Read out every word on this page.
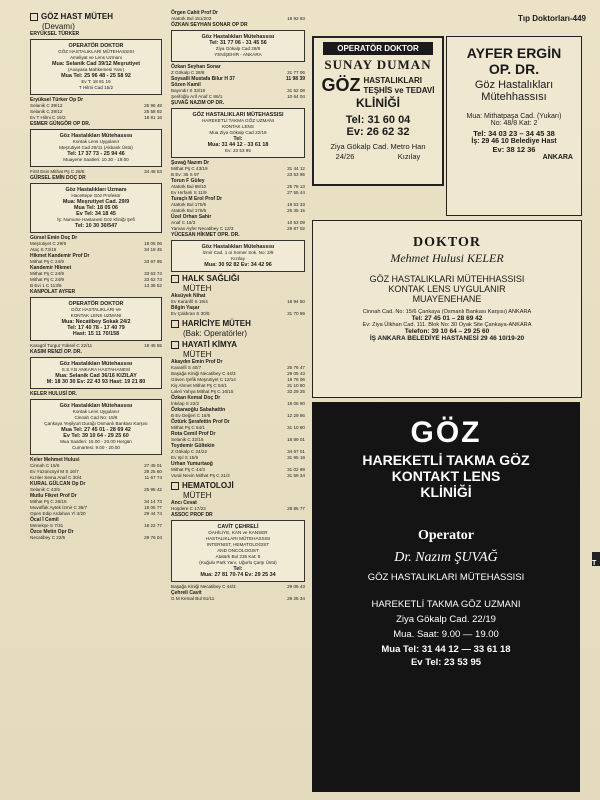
Tıp Doktorları-449
GÖZ HAST MÜTEH
(Devamı)
ERYÜKSEL TÜRKER
OPERATÖR DOKTOR
GÖZ HASTALIKLARI MÜTEHASSISI
Ameliyat ve Lens Uzmanı
Mua: Selanik Cad 39/12 Meşrutiyet
(Anayasa Mahkemesi Yanı)
Mua Tel: 25 96 48 - 25 58 92
Ev T: 18 81 16
T Hilmi Cad 15/2
Eryüksel Türker Op Dr
Selanik C 39/12	25 96 48
Selanik C 39/12	25 58 92
Ev T Hilmi C 15/2	18 81 16
ESMER GÜNGÖR OP DR.
Göz Hastalıkları Mütehassısı
Kontak Lens Uygulanır
Meşrutiyet Cad 29/11 (Akbank Üstü)
Tel: 17 37 73 - 25 94 46
Muayene Saatleri: 10.30 - 19.00
First Esin Mithat Pş C 28/5	34 48 53
GÜRSEL EMİN DOÇ DR
Göz Hastalıkları Uzmanı
Hacettepe Göz Profesör
Mua: Meşrutiyet Cad. 29/9
Mua Tel: 18 05 06
Ev Tel: 34 18 45
İş: Numune Hastanesi Göz Kliniği Şefi
Tel: 10 30 30/547
Gürsel Emin Doç Dr
Meşrutiyet C 29/9	18 05 06
Ataç S 73/15	34 18 45
Hikmet Kandemir Prof Dr
Mithat Pş C 24/9	33 87 95
Kandemir Hikmet
Mithat Pş C 24/9	33 63 74
Mithat Pş C 24/9	33 62 73
B Evi 1 C 113/6	13 36 52
KANPOLAT AYFER
OPERATÖR DOKTOR
GÖZ HASTALIKLARI Ve
KONTAK LENS UZMANI
Mua: Necatibey Sokak 24/2
Tel: 17 40 78 - 17 40 79
Hast: 15 11 70/158
Karagöl Turgut Yüksel C 22/11	18 45 55
KASIM RENZİ OP. DR.
Göz Hastalıkları Mütehassısı
S.S.Y.B ANKARA HASTAHANESİ
Mua: Selanik Cad 36/16 KIZILAY
M: 18 30 30 Ev: 22 43 93 Hast: 19 21 80
KELER HULUSİ DR.
Göz Hastalıkları Mütehassısı
Kontak Lens Uygulanır
Cinnah Cad No: 15/6
Çankaya Yeşilyurt Durağı Osmanlı Bankası Karşısı
Mua Tel: 27 45 01 - 28 69 42
Ev Tel: 39 10 64 - 29 25 60
Mua Saatleri: 15.00 - 20.00 Hergün
Cumartesi: 9.00 - 20.00
Keler Mehmet Hulusi
Cinnah C 15/6	27 45 01
Ev Yüzüncüyıl M S 16/7	29 25 60
Kızıler Sema Anaf C 30/4	11 67 74
KURAL GÜLCAN Op Dr
Selanik C 43/5	25 95 42
Mutlu Fikret Prof Dr
Mithat Pş C 26/16	34 14 73
Muvaffak Aytek İzmir C 36/7	18 05 77
Open Edip Ardahan Yl 4/20	29 44 74
Öcal İ Cemil
Menekşe S 7/31	18 22 77
Özce Metin Opr Dr
Necatibey C 22/5	29 76 04
Örgen Cahit Prof Dr
Atatürk Bul 151/203	18 92 93
ÖZKAN SEYHAN SONAR OP DR
Göz Hastalıkları Mütehassısı
Tel: 31 77 06 - 31 45 56
Ziya Gökalp Cad 28/8
YENİŞEHİR - ANKARA
Özkan Seyhan Sonar
Z Gökalp C 28/8	31 77 06
Soysalli Mustafa Bilur H 37	11 98 39
Sözen Kamil
Bayındır S 33/16	31 52 08
Şerifoğlu Arif Anaf C 86/1	10 64 04
ŞUVAĞ NAZIM OP DR.
GÖZ HASTALIKLARI MÜTEHASSISI
HAREKETLİ TAKMA GÖZ UZMANI
KONTAK LENS
Mua Ziya Gökalp Cad 22/19
Tel:
Mua: 31 44 12 - 33 61 18
Ev: 23 53 95
Şuvağ Nazım Dr
Mithat Pş C 43/19	31 44 12
B Ev: 35 S 97	23 53 95
Torun F Güley
Atatürk Bul 88/10	25 78 13
Ev Hırfanlı S 11/9	27 55 44
Turaçlı M Erol Prof Dr
Atatürk Bul 175/5	18 53 33
Atatürk Bul 175/5	25 35 15
Üzel Orhan Sahir
Anaf C 16/3	10 53 09
Yaman Ayfer Necatibey C 12/3	29 87 02
YÜCESAN HİKMET OPR. DR.
Göz Hastalıkları Mütehassısı
İzmir Cad. 1 oi Somer Sok. No: 2/9
Kızılay
Mua: 30 92 82 Ev: 34 42 96
HALK SAĞLIĞI
MÜTEH
Aksüyek Nihat
Ev Karanfil S 19/4	18 94 50
Bilgin Yaşar
Ev Çaldıran S 30/5	31 70 89
HARİCİYE MÜTEH
(Bak: Operatörler)
HAYATİ KİMYA
MÜTEH
Akaydın Emin Prof Dr
Karanfil S 40/7	25 76 47
Başağa Kiniği Necatibey C 44/3	29 05 43
Güven Şefik Meşrutiyet C 12/14	18 76 06
Kiş Ahmet Mithat Pş C 54/1	31 10 80
Laleli Yahya Mithat Pş C 16/15	33 29 25
Özkan Kemal Doç Dr
İnkılap S 22/2	18 06 90
Özkaraoğlu Sabahattin
B Ev Değeri C 18/5	12 29 86
Öztürk Şerafettin Prof Dr
Mithat Pş C 54/1	31 10 80
Rota Cemil Prof Dr
Selanik C 32/15	18 89 01
Toydemir Gültekin
Z Gökalp C 24/22	34 67 01
Ev Işıl S 15/9	31 95 19
Urhan Yumurtaoğ
Mithat Pş C 44/3	31 02 89
Vural Nevin Mithat Pş C 21/2	31 59 34
HEMATOLOJİ
MÜTEH
Ancı Cevat
Hoşdere C 17/23	28 86 77
ASSOC PROF DR
CAVİT ÇEHRELİ
DAHİLİYE, KAN ve KANSER
HASTALIKLARI MÜTEHASSISI
INTERNIST, HEMATOLOGIST
AND ONCOLOGIST
Atatürk Bul 235 Kat: 5
(Kuğulu Park Yanı, Uğurlu Çarşı Üstü)
Tel:
Mua: 27 81 70-74 Ev: 29 25 34
Başağa Kiniği Necatibey C 44/3	29 05 43
Çehreli Cavit
G M Kemal Bul 61/11	29 25 34
OPERATÖR DOKTOR
SUNAY DUMAN
GÖZ HASTALIKLARI
TEŞHİS ve TEDAVİ
KLİNİĞİ
Tel: 31 60 04
Ev: 26 62 32
Ziya Gökalp Cad. Metro Han
24/26	Kızılay
AYFER ERGİN
OP. DR.
Göz Hastalıkları
Mütehhassısı
Mua: Mithatpaşa Cad. (Yukarı)
No: 48/8 Kat: 2
Tel: 34 03 23 – 34 45 38
İş: 29 46 10 Belediye Hast
Ev: 38 12 36
ANKARA
DOKTOR
Mehmet Hulusi KELER
GÖZ HASTALIKLARI MÜTEHHASSISI
KONTAK LENS UYGULANIR
MUAYENEHANE
Cinnah Cad. No: 15/6 Çankaya (Osmanlı Bankası Karşısı) ANKARA
Tel: 27 45 01 – 28 69 42
Ev: Ziya Ülkhan Cad. 111. Blok No: 30 Oyak Site Çankaya-ANKARA
Telefon: 39 10 64 – 29 25 60
İŞ ANKARA BELEDİYE HASTANESİ 29 46 10/19-20
GÖZ
HAREKETLİ TAKMA GÖZ
KONTAKT LENS
KLİNİĞİ
Operator
Dr. Nazım ŞUVAĞ
GÖZ HASTALIKLARI MÜTEHASSISI
HAREKETLİ TAKMA GÖZ UZMANI
Ziya Gökalp Cad. 22/19
Mua. Saat: 9.00 — 19.00
Mua Tel: 31 44 12 — 33 61 18
Ev Tel: 23 53 95
T
